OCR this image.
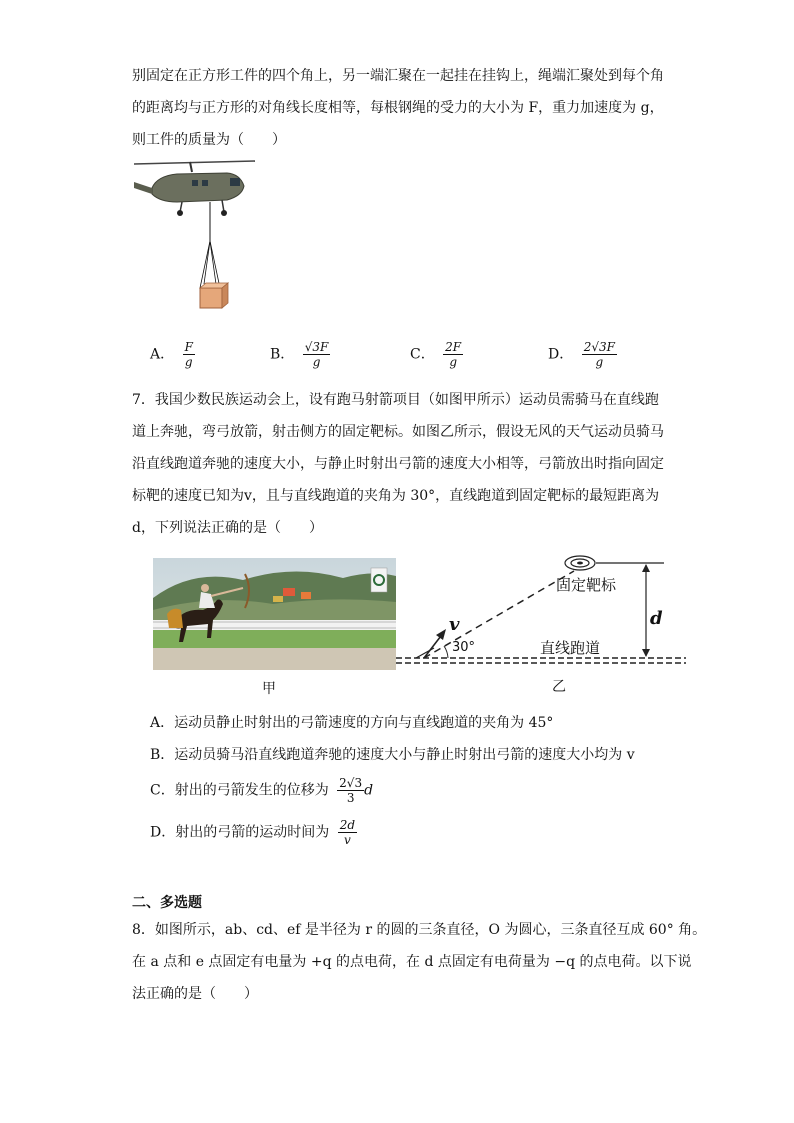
别固定在正方形工件的四个角上，另一端汇聚在一起挂在挂钩上，绳端汇聚处到每个角
的距离均与正方形的对角线长度相等，每根钢绳的受力的大小为 F，重力加速度为 g，
则工件的质量为（　　）
A． $\frac{F}{g}$	B． $\frac{√3F}{g}$	C． $\frac{2F}{g}$	D． $\frac{2√3F}{g}$
7．我国少数民族运动会上，设有跑马射箭项目（如图甲所示）运动员需骑马在直线跑
道上奔驰，弯弓放箭，射击侧方的固定靶标。如图乙所示，假设无风的天气运动员骑马
沿直线跑道奔驰的速度大小，与静止时射出弓箭的速度大小相等，弓箭放出时指向固定
标靶的速度已知为v，且与直线跑道的夹角为 30°，直线跑道到固定靶标的最短距离为
d，下列说法正确的是（　　）
甲
固定靶标
直线跑道
30°
v	d
乙
A．运动员静止时射出的弓箭速度的方向与直线跑道的夹角为 45°
B．运动员骑马沿直线跑道奔驰的速度大小与静止时射出弓箭的速度大小均为 v
C．射出的弓箭发生的位移为 $\frac{2√3}{3}$ d
D．射出的弓箭的运动时间为 $\frac{2d}{v}$
二、多选题
8．如图所示，ab、cd、ef 是半径为 r 的圆的三条直径，O 为圆心，三条直径互成 60° 角。
在 a 点和 e 点固定有电量为 +q 的点电荷，在 d 点固定有电荷量为 −q 的点电荷。以下说
法正确的是（　　）
